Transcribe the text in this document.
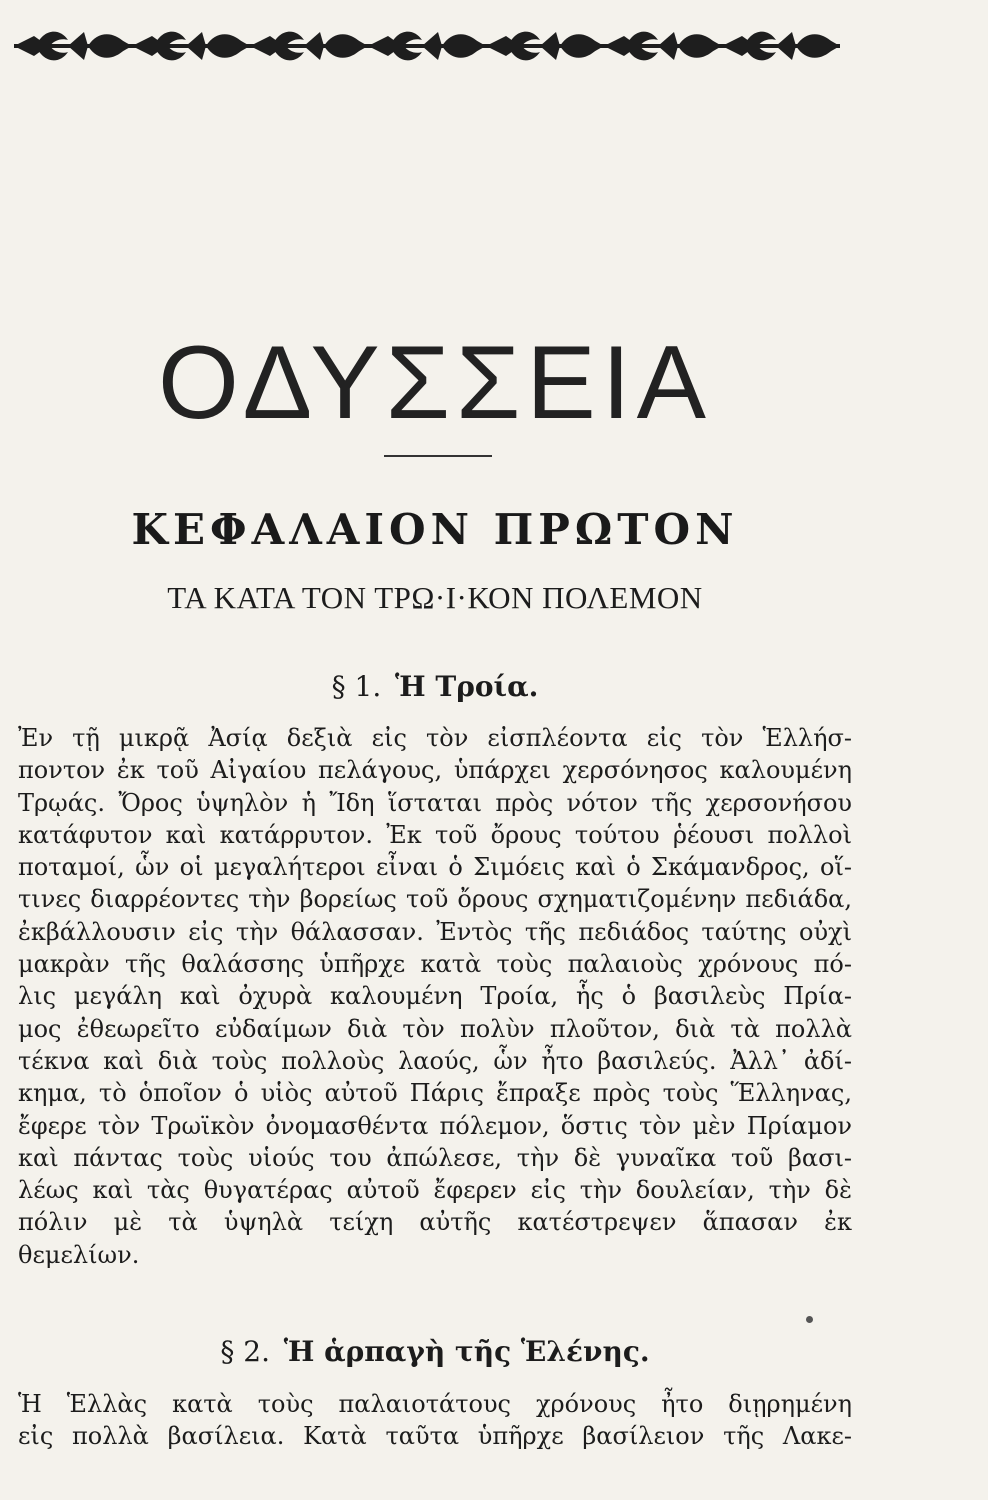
ΟΔΥΣΣΕΙΑ
ΚΕΦΑΛΑΙΟΝ ΠΡΩΤΟΝ
ΤΑ ΚΑΤΑ ΤΟΝ ΤΡΩ·Ι·ΚΟΝ ΠΟΛΕΜΟΝ
§ 1. Ἡ Τροία.
Ἐν τῇ μικρᾷ Ἀσίᾳ δεξιὰ εἰς τὸν εἰσπλέοντα εἰς τὸν Ἑλλήσ-
ποντον ἐκ τοῦ Αἰγαίου πελάγους, ὑπάρχει χερσόνησος καλουμένη
Τρῳάς. Ὄρος ὑψηλὸν ἡ Ἴδη ἵσταται πρὸς νότον τῆς χερσονήσου
κατάφυτον καὶ κατάρρυτον. Ἐκ τοῦ ὄρους τούτου ῥέουσι πολλοὶ
ποταμοί, ὧν οἱ μεγαλήτεροι εἶναι ὁ Σιμόεις καὶ ὁ Σκάμανδρος, οἵ-
τινες διαρρέοντες τὴν βορείως τοῦ ὄρους σχηματιζομένην πεδιάδα,
ἐκβάλλουσιν εἰς τὴν θάλασσαν. Ἐντὸς τῆς πεδιάδος ταύτης οὐχὶ
μακρὰν τῆς θαλάσσης ὑπῆρχε κατὰ τοὺς παλαιοὺς χρόνους πό-
λις μεγάλη καὶ ὀχυρὰ καλουμένη Τροία, ἧς ὁ βασιλεὺς Πρία-
μος ἐθεωρεῖτο εὐδαίμων διὰ τὸν πολὺν πλοῦτον, διὰ τὰ πολλὰ
τέκνα καὶ διὰ τοὺς πολλοὺς λαούς, ὧν ἦτο βασιλεύς. Ἀλλ᾽ ἀδί-
κημα, τὸ ὁποῖον ὁ υἱὸς αὐτοῦ Πάρις ἔπραξε πρὸς τοὺς Ἕλληνας,
ἔφερε τὸν Τρωϊκὸν ὀνομασθέντα πόλεμον, ὅστις τὸν μὲν Πρίαμον
καὶ πάντας τοὺς υἱούς του ἀπώλεσε, τὴν δὲ γυναῖκα τοῦ βασι-
λέως καὶ τὰς θυγατέρας αὐτοῦ ἔφερεν εἰς τὴν δουλείαν, τὴν δὲ
πόλιν μὲ τὰ ὑψηλὰ τείχη αὐτῆς κατέστρεψεν ἅπασαν ἐκ
θεμελίων.
§ 2. Ἡ ἁρπαγὴ τῆς Ἑλένης.
Ἡ Ἑλλὰς κατὰ τοὺς παλαιοτάτους χρόνους ἦτο διῃρημένη
εἰς πολλὰ βασίλεια. Κατὰ ταῦτα ὑπῆρχε βασίλειον τῆς Λακε-
